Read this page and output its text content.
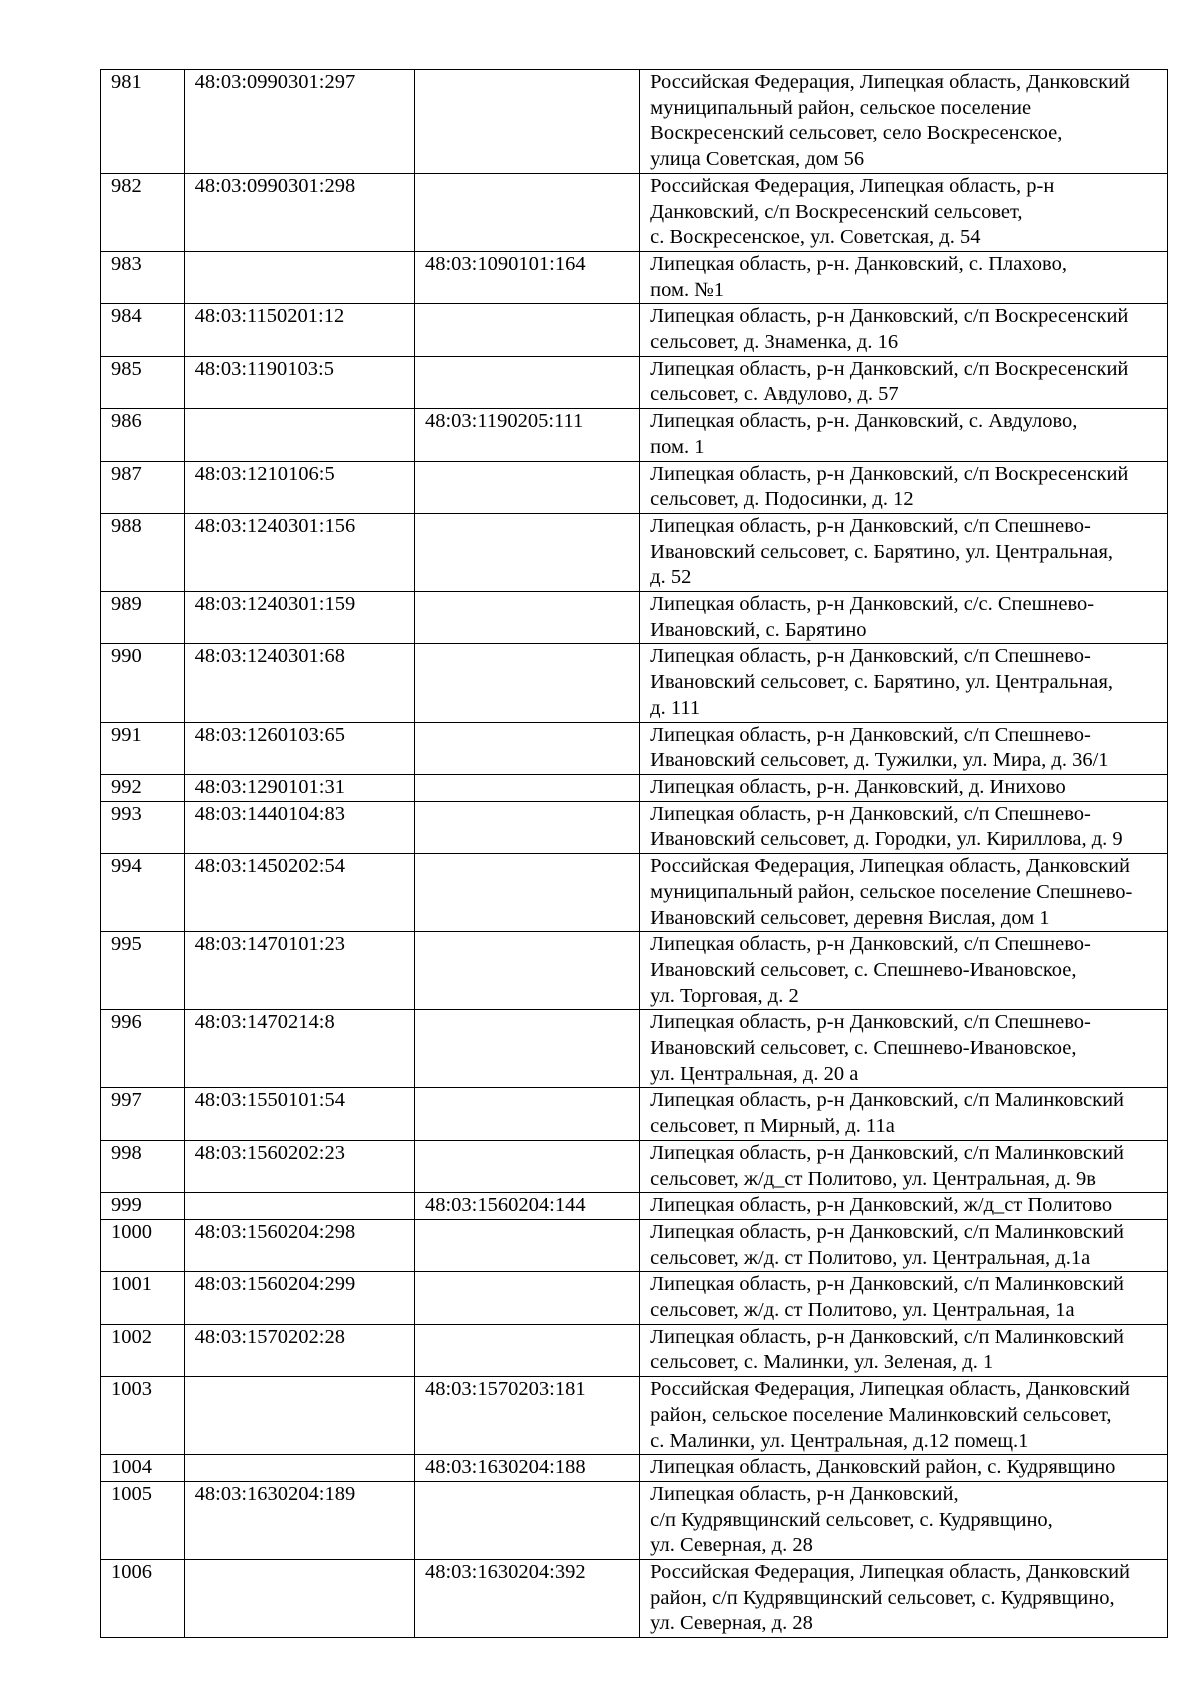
981	48:03:0990301:297		Российская Федерация, Липецкая область, Данковский
муниципальный район, сельское поселение
Воскресенский сельсовет, село Воскресенское,
улица Советская, дом 56
982	48:03:0990301:298		Российская Федерация, Липецкая область, р-н
Данковский, с/п Воскресенский сельсовет,
с. Воскресенское, ул. Советская, д. 54
983		48:03:1090101:164	Липецкая область, р-н. Данковский, с. Плахово,
пом. №1
984	48:03:1150201:12		Липецкая область, р-н Данковский, с/п Воскресенский
сельсовет, д. Знаменка, д. 16
985	48:03:1190103:5		Липецкая область, р-н Данковский, с/п Воскресенский
сельсовет, с. Авдулово, д. 57
986		48:03:1190205:111	Липецкая область, р-н. Данковский, с. Авдулово,
пом. 1
987	48:03:1210106:5		Липецкая область, р-н Данковский, с/п Воскресенский
сельсовет, д. Подосинки, д. 12
988	48:03:1240301:156		Липецкая область, р-н Данковский, с/п Спешнево-
Ивановский сельсовет, с. Барятино, ул. Центральная,
д. 52
989	48:03:1240301:159		Липецкая область, р-н Данковский, с/с. Спешнево-
Ивановский, с. Барятино
990	48:03:1240301:68		Липецкая область, р-н Данковский, с/п Спешнево-
Ивановский сельсовет, с. Барятино, ул. Центральная,
д. 111
991	48:03:1260103:65		Липецкая область, р-н Данковский, с/п Спешнево-
Ивановский сельсовет, д. Тужилки, ул. Мира, д. 36/1
992	48:03:1290101:31		Липецкая область, р-н. Данковский, д. Инихово
993	48:03:1440104:83		Липецкая область, р-н Данковский, с/п Спешнево-
Ивановский сельсовет, д. Городки, ул. Кириллова, д. 9
994	48:03:1450202:54		Российская Федерация, Липецкая область, Данковский
муниципальный район, сельское поселение Спешнево-
Ивановский сельсовет, деревня Вислая, дом 1
995	48:03:1470101:23		Липецкая область, р-н Данковский, с/п Спешнево-
Ивановский сельсовет, с. Спешнево-Ивановское,
ул. Торговая, д. 2
996	48:03:1470214:8		Липецкая область, р-н Данковский, с/п Спешнево-
Ивановский сельсовет, с. Спешнево-Ивановское,
ул. Центральная, д. 20 а
997	48:03:1550101:54		Липецкая область, р-н Данковский, с/п Малинковский
сельсовет, п Мирный, д. 11а
998	48:03:1560202:23		Липецкая область, р-н Данковский, с/п Малинковский
сельсовет, ж/д_ст Политово, ул. Центральная, д. 9в
999		48:03:1560204:144	Липецкая область, р-н Данковский, ж/д_ст Политово
1000	48:03:1560204:298		Липецкая область, р-н Данковский, с/п Малинковский
сельсовет, ж/д. ст Политово, ул. Центральная, д.1а
1001	48:03:1560204:299		Липецкая область, р-н Данковский, с/п Малинковский
сельсовет, ж/д. ст Политово, ул. Центральная, 1а
1002	48:03:1570202:28		Липецкая область, р-н Данковский, с/п Малинковский
сельсовет, с. Малинки, ул. Зеленая, д. 1
1003		48:03:1570203:181	Российская Федерация, Липецкая область, Данковский
район, сельское поселение Малинковский сельсовет,
с. Малинки, ул. Центральная, д.12 помещ.1
1004		48:03:1630204:188	Липецкая область, Данковский район, с. Кудрявщино
1005	48:03:1630204:189		Липецкая область, р-н Данковский,
с/п Кудрявщинский сельсовет, с. Кудрявщино,
ул. Северная, д. 28
1006		48:03:1630204:392	Российская Федерация, Липецкая область, Данковский
район, с/п Кудрявщинский сельсовет, с. Кудрявщино,
ул. Северная, д. 28
